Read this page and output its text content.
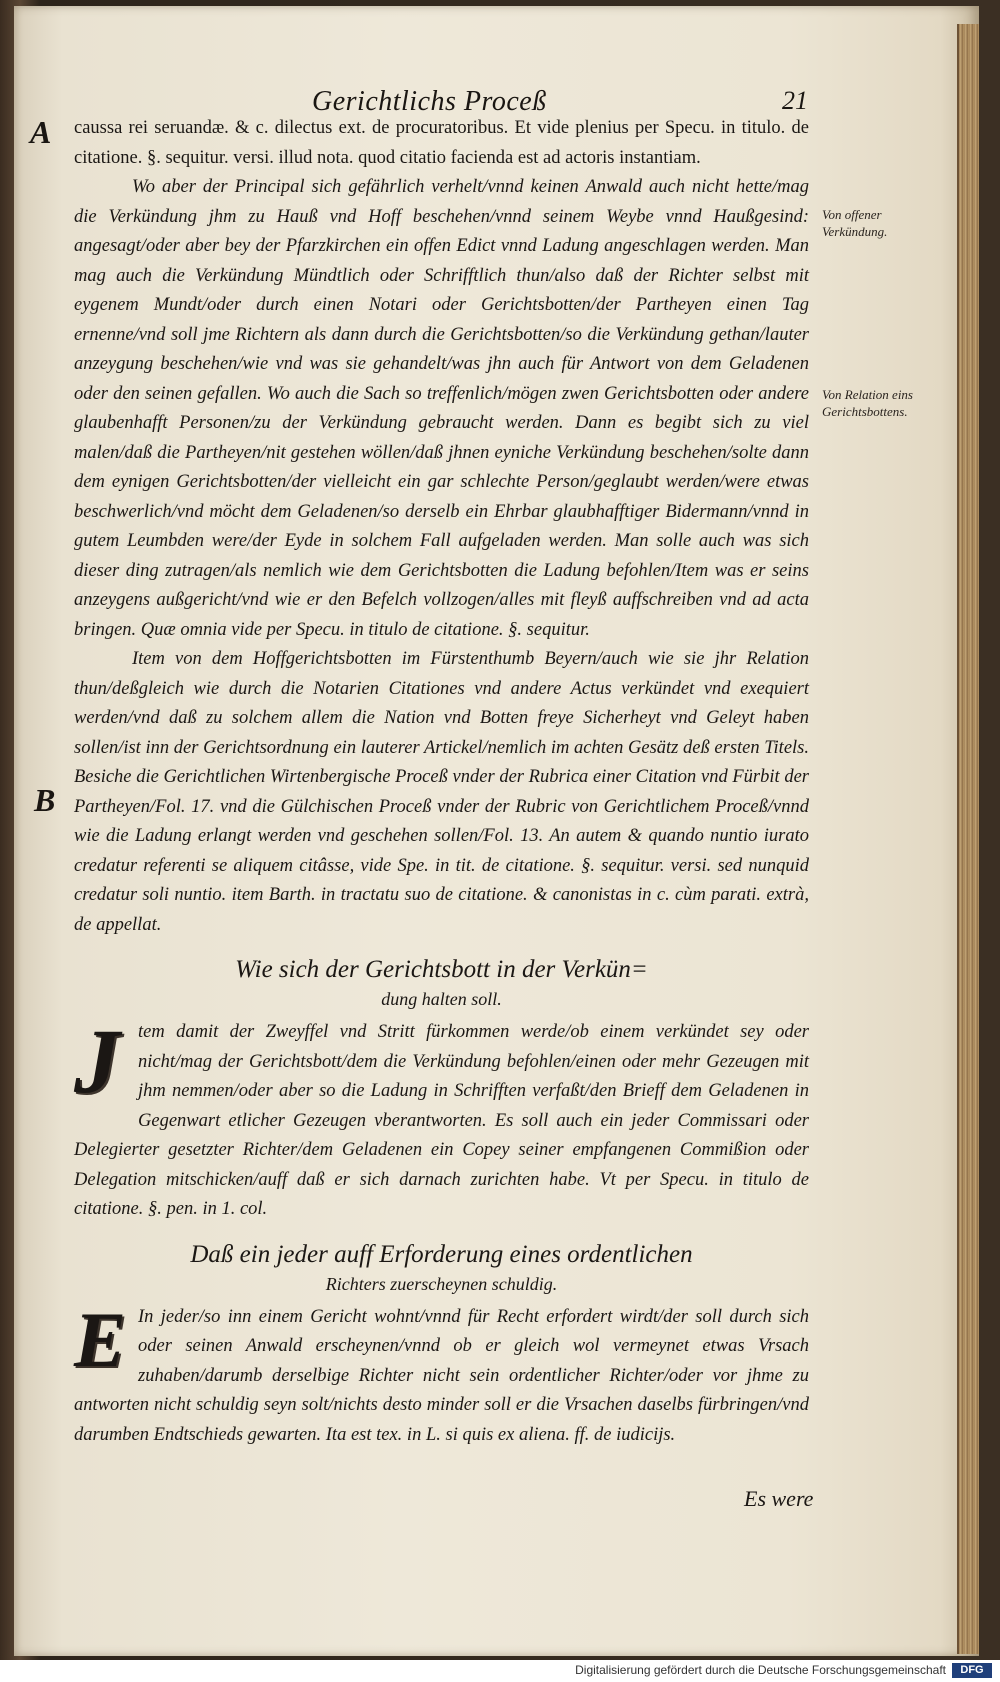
Gerichtlichs Proceß	21
A
B

caussa rei seruandæ. & c. dilectus ext. de procuratoribus. Et vide plenius per Specu. in titulo. de citatione. §. sequitur. versi. illud nota. quod citatio facienda est ad actoris instantiam.

Wo aber der Principal sich gefährlich verhelt/vnnd keinen Anwald auch nicht hette/mag die Verkündung jhm zu Hauß vnd Hoff beschehen/vnnd seinem Weybe vnnd Haußgesind: angesagt/oder aber bey der Pfarzkirchen ein offen Edict vnnd Ladung angeschlagen werden. Man mag auch die Verkündung Mündtlich oder Schrifftlich thun/also daß der Richter selbst mit eygenem Mundt/oder durch einen Notari oder Gerichtsbotten/der Partheyen einen Tag ernenne/vnd soll jme Richtern als dann durch die Gerichtsbotten/so die Verkündung gethan/lauter anzeygung beschehen/wie vnd was sie gehandelt/was jhn auch für Antwort von dem Geladenen oder den seinen gefallen. Wo auch die Sach so treffenlich/mögen zwen Gerichtsbotten oder andere glaubenhafft Personen/zu der Verkündung gebraucht werden. Dann es begibt sich zu viel malen/daß die Partheyen/nit gestehen wöllen/daß jhnen eyniche Verkündung beschehen/solte dann dem eynigen Gerichtsbotten/der vielleicht ein gar schlechte Person/geglaubt werden/were etwas beschwerlich/vnd möcht dem Geladenen/so derselb ein Ehrbar glaubhafftiger Bidermann/vnnd in gutem Leumbden were/der Eyde in solchem Fall aufgeladen werden. Man solle auch was sich dieser ding zutragen/als nemlich wie dem Gerichtsbotten die Ladung befohlen/Item was er seins anzeygens außgericht/vnd wie er den Befelch vollzogen/alles mit fleyß auffschreiben vnd ad acta bringen. Quæ omnia vide per Specu. in titulo de citatione. §. sequitur.

Item von dem Hoffgerichtsbotten im Fürstenthumb Beyern/auch wie sie jhr Relation thun/deßgleich wie durch die Notarien Citationes vnd andere Actus verkündet vnd exequiert werden/vnd daß zu solchem allem die Nation vnd Botten freye Sicherheyt vnd Geleyt haben sollen/ist inn der Gerichtsordnung ein lauterer Artickel/nemlich im achten Gesätz deß ersten Titels. Besiche die Gerichtlichen Wirtenbergische Proceß vnder der Rubrica einer Citation vnd Fürbit der Partheyen/Fol. 17. vnd die Gülchischen Proceß vnder der Rubric von Gerichtlichem Proceß/vnnd wie die Ladung erlangt werden vnd geschehen sollen/Fol. 13. An autem & quando nuntio iurato credatur referenti se aliquem citâsse, vide Spe. in tit. de citatione. §. sequitur. versi. sed nunquid credatur soli nuntio. item Barth. in tractatu suo de citatione. & canonistas in c. cùm parati. extrà, de appellat.

Wie sich der Gerichtsbott in der Verkün=
dung halten soll.
J tem damit der Zweyffel vnd Stritt fürkommen werde/ob einem verkündet sey oder nicht/mag der Gerichtsbott/dem die Verkündung befohlen/einen oder mehr Gezeugen mit jhm nemmen/oder aber so die Ladung in Schrifften verfaßt/den Brieff dem Geladenen in Gegenwart etlicher Gezeugen vberantworten. Es soll auch ein jeder Commissari oder Delegierter gesetzter Richter/dem Geladenen ein Copey seiner empfangenen Commißion oder Delegation mitschicken/auff daß er sich darnach zurichten habe. Vt per Specu. in titulo de citatione. §. pen. in 1. col.

Daß ein jeder auff Erforderung eines ordentlichen
Richters zuerscheynen schuldig.
E In jeder/so inn einem Gericht wohnt/vnnd für Recht erfordert wirdt/der soll durch sich oder seinen Anwald erscheynen/vnnd ob er gleich wol vermeynet etwas Vrsach zuhaben/darumb derselbige Richter nicht sein ordentlicher Richter/oder vor jhme zu antworten nicht schuldig seyn solt/nichts desto minder soll er die Vrsachen daselbs fürbringen/vnd darumben Endtschieds gewarten. Ita est tex. in L. si quis ex aliena. ff. de iudicijs.

Von offener Verkündung.
Von Relation eins Gerichtsbottens.
Es were
Digitalisierung gefördert durch die Deutsche Forschungsgemeinschaft	DFG
